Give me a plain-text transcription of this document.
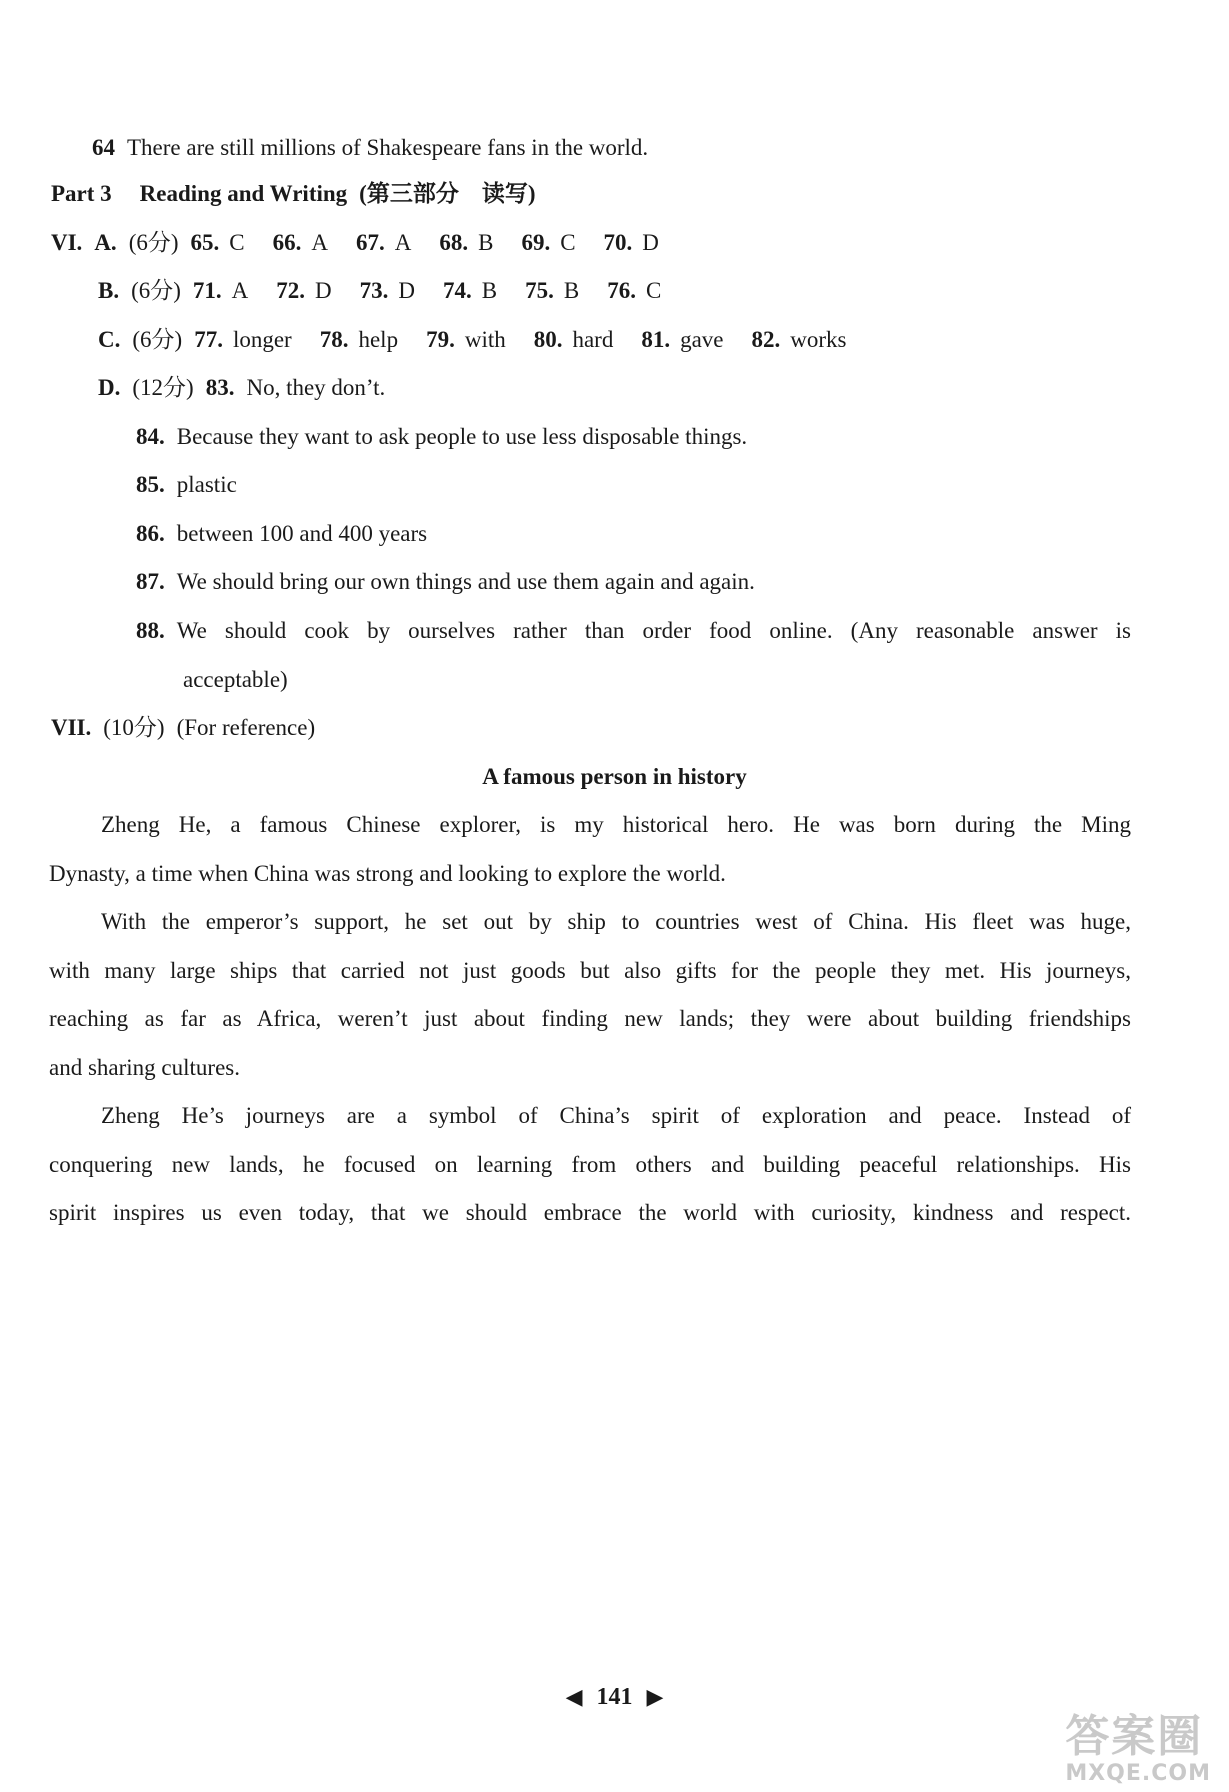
64 There are still millions of Shakespeare fans in the world.
Part 3 Reading and Writing (第三部分　读写)
VI. A. (6分) 65. C 66. A 67. A 68. B 69. C 70. D
B. (6分) 71. A 72. D 73. D 74. B 75. B 76. C
C. (6分) 77. longer 78. help 79. with 80. hard 81. gave 82. works
D. (12分) 83. No, they don’t.
84. Because they want to ask people to use less disposable things.
85. plastic
86. between 100 and 400 years
87. We should bring our own things and use them again and again.
88. We should cook by ourselves rather than order food online. (Any reasonable answer is
acceptable)
VII. (10分) (For reference)
A famous person in history
Zheng He, a famous Chinese explorer, is my historical hero. He was born during the Ming
Dynasty, a time when China was strong and looking to explore the world.
With the emperor’s support, he set out by ship to countries west of China. His fleet was huge,
with many large ships that carried not just goods but also gifts for the people they met. His journeys,
reaching as far as Africa, weren’t just about finding new lands; they were about building friendships
and sharing cultures.
Zheng He’s journeys are a symbol of China’s spirit of exploration and peace. Instead of
conquering new lands, he focused on learning from others and building peaceful relationships. His
spirit inspires us even today, that we should embrace the world with curiosity, kindness and respect.
◀ 141 ▶
答案圈
MXQE.COM
